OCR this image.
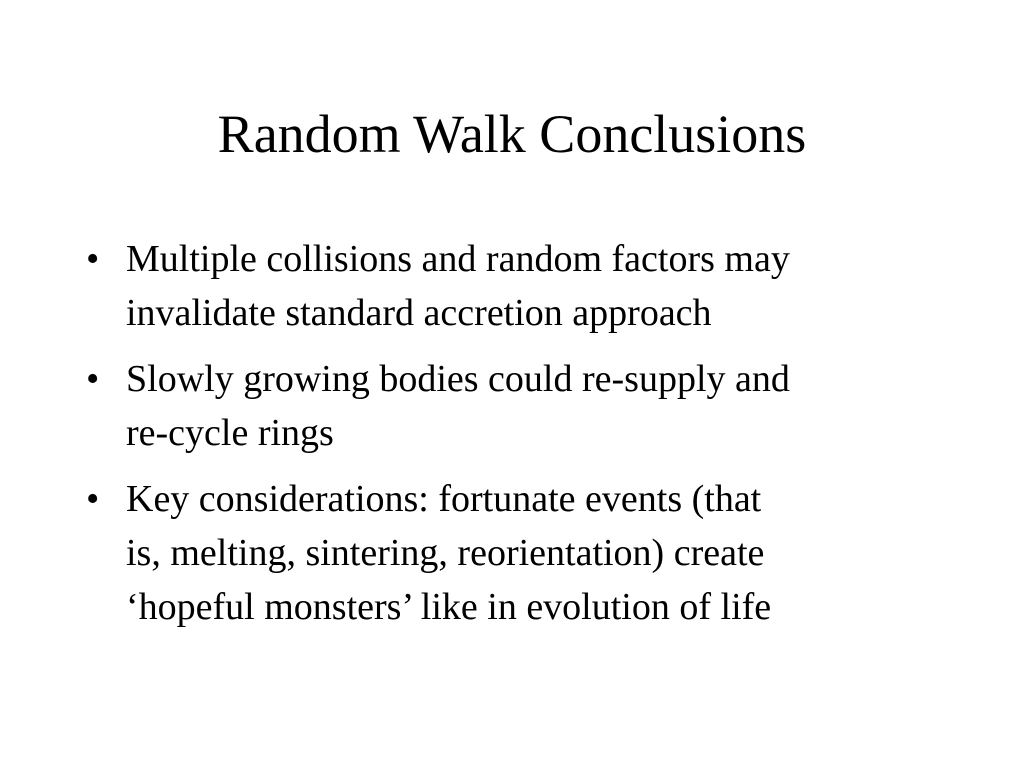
Random Walk Conclusions
• Multiple collisions and random factors may
invalidate standard accretion approach
• Slowly growing bodies could re-supply and
re-cycle rings
• Key considerations: fortunate events (that
is, melting, sintering, reorientation) create
‘hopeful monsters’ like in evolution of life
